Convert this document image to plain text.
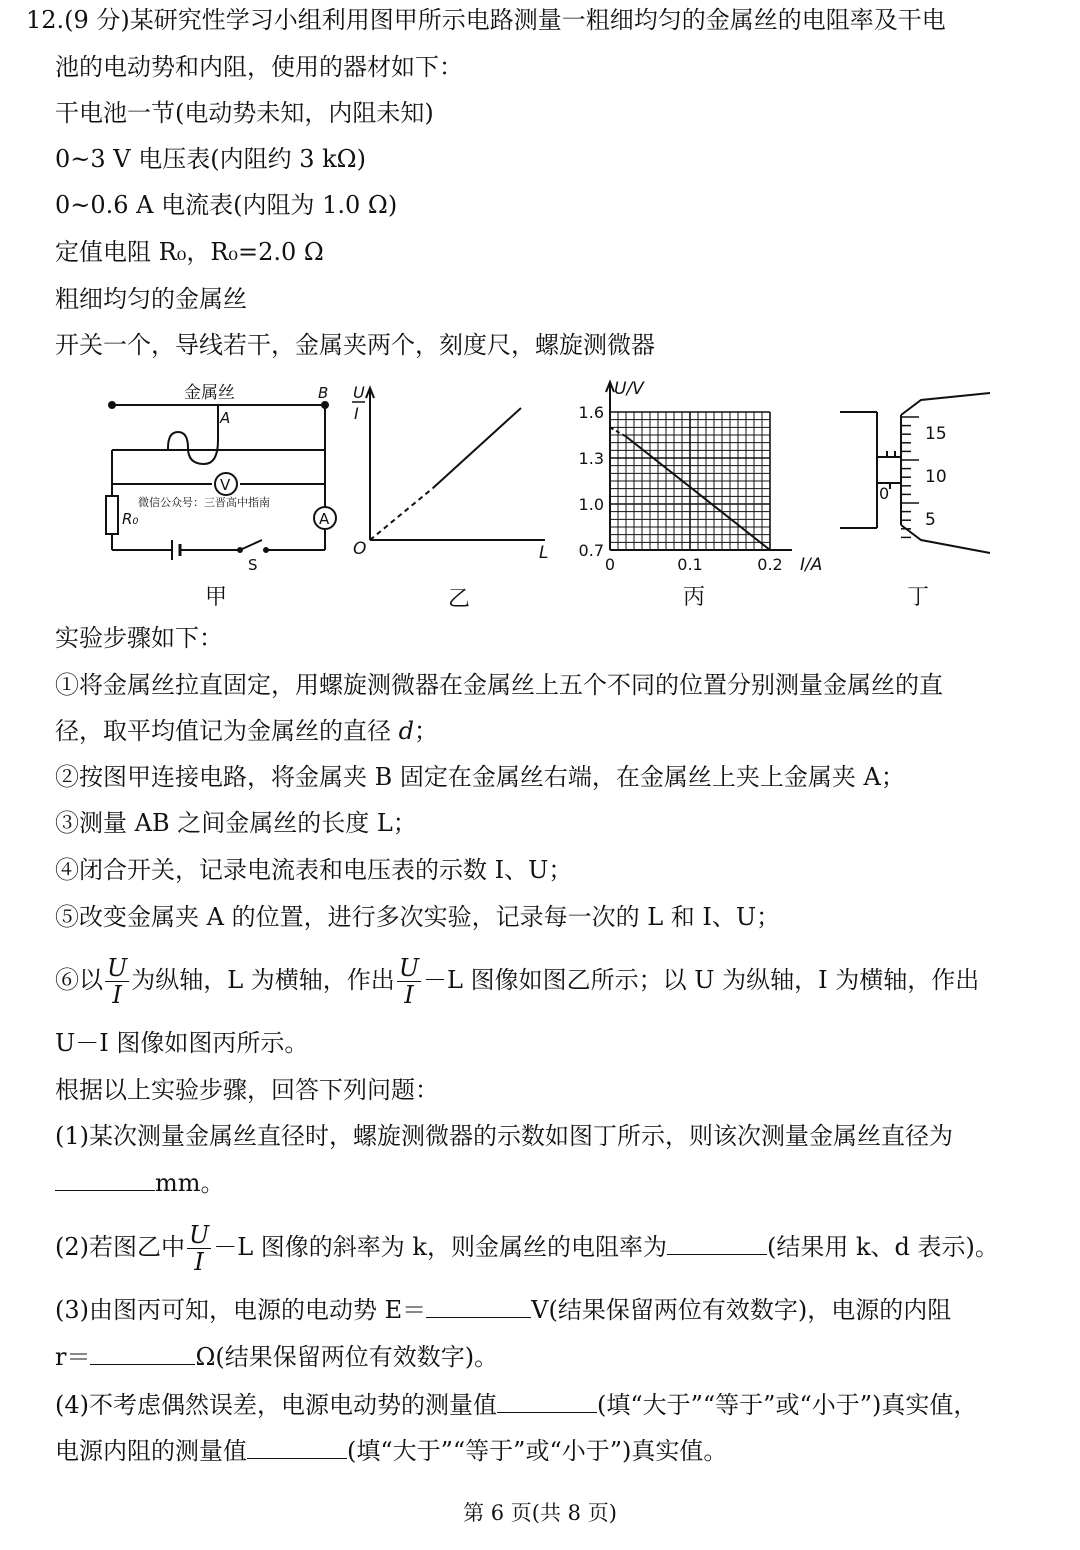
12.(9 分)某研究性学习小组利用图甲所示电路测量一粗细均匀的金属丝的电阻率及干电
池的电动势和内阻，使用的器材如下：
干电池一节(电动势未知，内阻未知)
0~3 V 电压表(内阻约 3 kΩ)
0~0.6 A 电流表(内阻为 1.0 Ω)
定值电阻 R₀，R₀=2.0 Ω
粗细均匀的金属丝
开关一个，导线若干，金属夹两个，刻度尺，螺旋测微器
金属丝
A
B
V
A
R₀
S
微信公众号：三晋高中指南
甲
U
I
L
O
乙
1.6
1.3
1.0
0.7
0	0.1	0.2
U/V
I/A
丙
15
10
5
0
丁
实验步骤如下：
①将金属丝拉直固定，用螺旋测微器在金属丝上五个不同的位置分别测量金属丝的直
径，取平均值记为金属丝的直径 d；
②按图甲连接电路，将金属夹 B 固定在金属丝右端，在金属丝上夹上金属夹 A；
③测量 AB 之间金属丝的长度 L；
④闭合开关，记录电流表和电压表的示数 I、U；
⑤改变金属夹 A 的位置，进行多次实验，记录每一次的 L 和 I、U；
⑥以 $\frac{U}{I}$ 为纵轴，L 为横轴，作出 $\frac{U}{I} -L$ 图像如图乙所示；以 U 为纵轴，I 为横轴，作出
U－I 图像如图丙所示。
根据以上实验步骤，回答下列问题：
(1)某次测量金属丝直径时，螺旋测微器的示数如图丁所示，则该次测量金属丝直径为
mm。
(2)若图乙中 $\frac{U}{I} -L$ 图像的斜率为 k，则金属丝的电阻率为	(结果用 k、d 表示)。
(3)由图丙可知，电源的电动势 E＝	V(结果保留两位有效数字)，电源的内阻
r＝	Ω(结果保留两位有效数字)。
(4)不考虑偶然误差，电源电动势的测量值	(填“大于”“等于”或“小于”)真实值，
电源内阻的测量值	(填“大于”“等于”或“小于”)真实值。
第 6 页(共 8 页)
